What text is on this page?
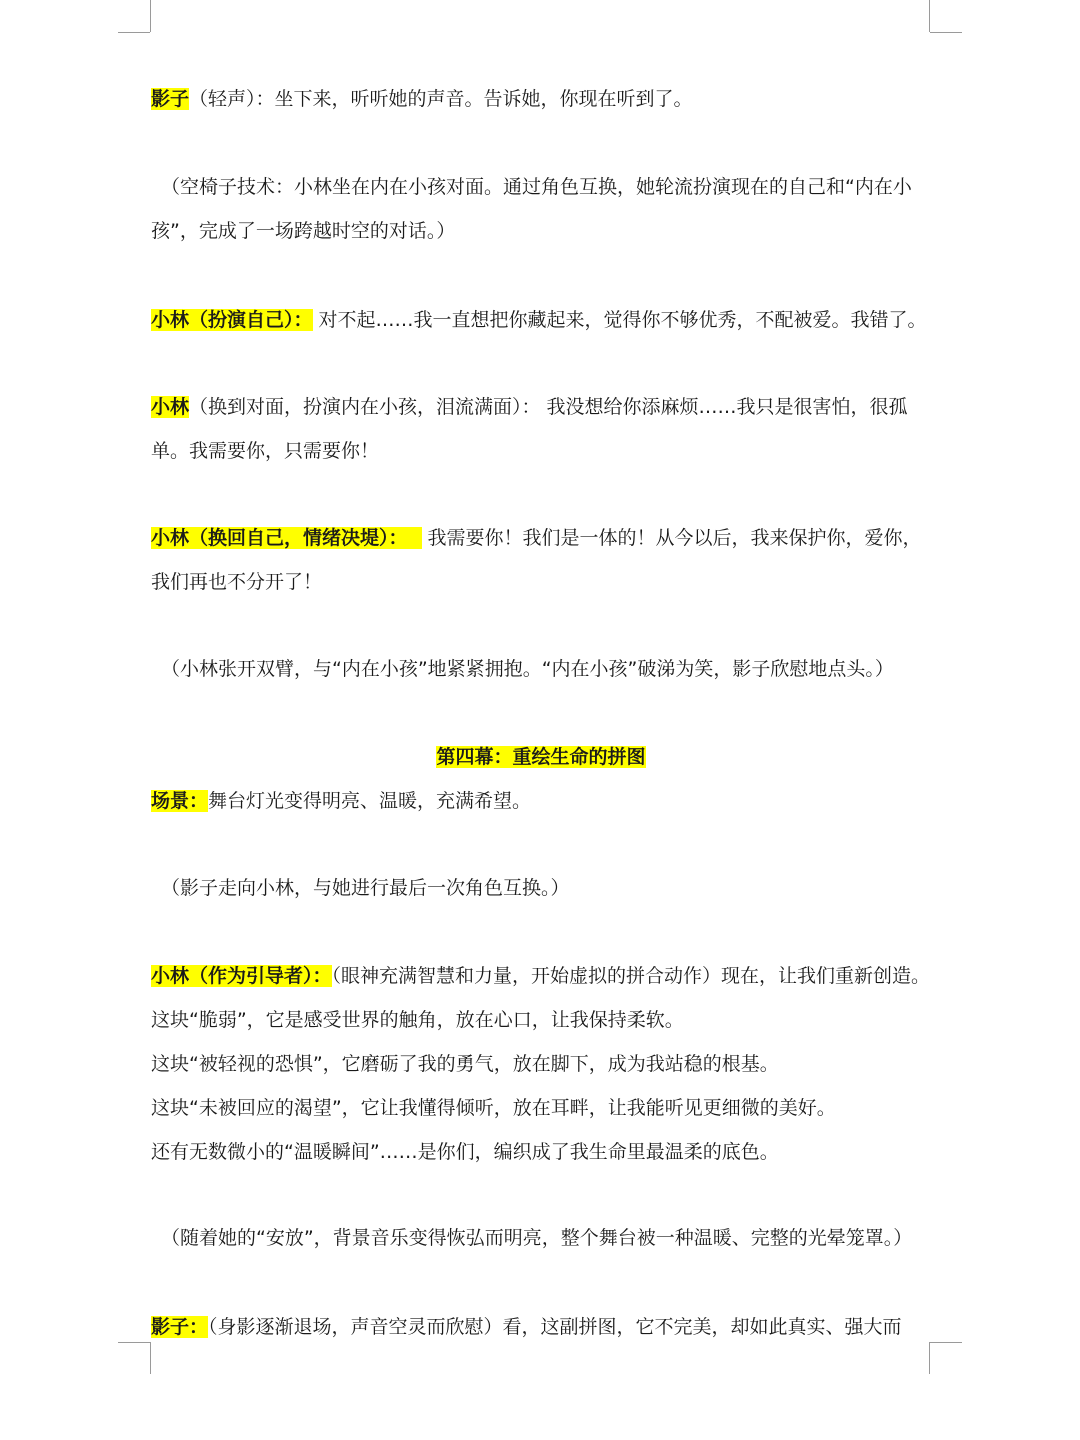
影子（轻声）：坐下来，听听她的声音。告诉她，你现在听到了。
（空椅子技术：小林坐在内在小孩对面。通过角色互换，她轮流扮演现在的自己和“内在小
孩”，完成了一场跨越时空的对话。）
小林（扮演自己）： 对不起……我一直想把你藏起来，觉得你不够优秀，不配被爱。我错了。
小林（换到对面，扮演内在小孩，泪流满面）： 我没想给你添麻烦……我只是很害怕，很孤
单。我需要你，只需要你！
小林（换回自己，情绪决堤）： 我需要你！我们是一体的！从今以后，我来保护你，爱你，
我们再也不分开了！
（小林张开双臂，与“内在小孩”地紧紧拥抱。“内在小孩”破涕为笑，影子欣慰地点头。）
第四幕：重绘生命的拼图
场景：舞台灯光变得明亮、温暖，充满希望。
（影子走向小林，与她进行最后一次角色互换。）
小林（作为引导者）：（眼神充满智慧和力量，开始虚拟的拼合动作）现在，让我们重新创造。
这块“脆弱”，它是感受世界的触角，放在心口，让我保持柔软。
这块“被轻视的恐惧”，它磨砺了我的勇气，放在脚下，成为我站稳的根基。
这块“未被回应的渴望”，它让我懂得倾听，放在耳畔，让我能听见更细微的美好。
还有无数微小的“温暖瞬间”……是你们，编织成了我生命里最温柔的底色。
（随着她的“安放”，背景音乐变得恢弘而明亮，整个舞台被一种温暖、完整的光晕笼罩。）
影子：（身影逐渐退场，声音空灵而欣慰）看，这副拼图，它不完美，却如此真实、强大而
